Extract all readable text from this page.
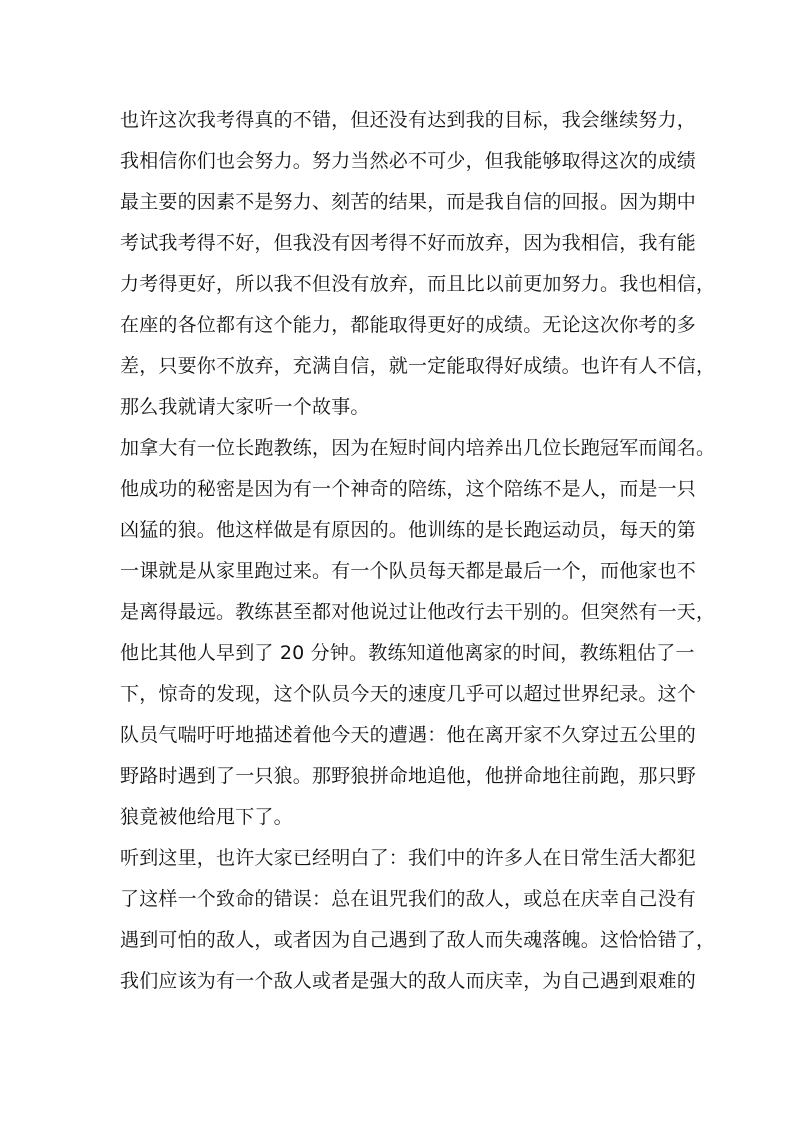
也许这次我考得真的不错，但还没有达到我的目标，我会继续努力，
我相信你们也会努力。努力当然必不可少，但我能够取得这次的成绩
最主要的因素不是努力、刻苦的结果，而是我自信的回报。因为期中
考试我考得不好，但我没有因考得不好而放弃，因为我相信，我有能
力考得更好，所以我不但没有放弃，而且比以前更加努力。我也相信，
在座的各位都有这个能力，都能取得更好的成绩。无论这次你考的多
差，只要你不放弃，充满自信，就一定能取得好成绩。也许有人不信，
那么我就请大家听一个故事。
加拿大有一位长跑教练，因为在短时间内培养出几位长跑冠军而闻名。
他成功的秘密是因为有一个神奇的陪练，这个陪练不是人，而是一只
凶猛的狼。他这样做是有原因的。他训练的是长跑运动员，每天的第
一课就是从家里跑过来。有一个队员每天都是最后一个，而他家也不
是离得最远。教练甚至都对他说过让他改行去干别的。但突然有一天，
他比其他人早到了 20 分钟。教练知道他离家的时间，教练粗估了一
下，惊奇的发现，这个队员今天的速度几乎可以超过世界纪录。这个
队员气喘吁吁地描述着他今天的遭遇：他在离开家不久穿过五公里的
野路时遇到了一只狼。那野狼拼命地追他，他拼命地往前跑，那只野
狼竟被他给甩下了。
听到这里，也许大家已经明白了：我们中的许多人在日常生活大都犯
了这样一个致命的错误：总在诅咒我们的敌人，或总在庆幸自己没有
遇到可怕的敌人，或者因为自己遇到了敌人而失魂落魄。这恰恰错了，
我们应该为有一个敌人或者是强大的敌人而庆幸，为自己遇到艰难的
